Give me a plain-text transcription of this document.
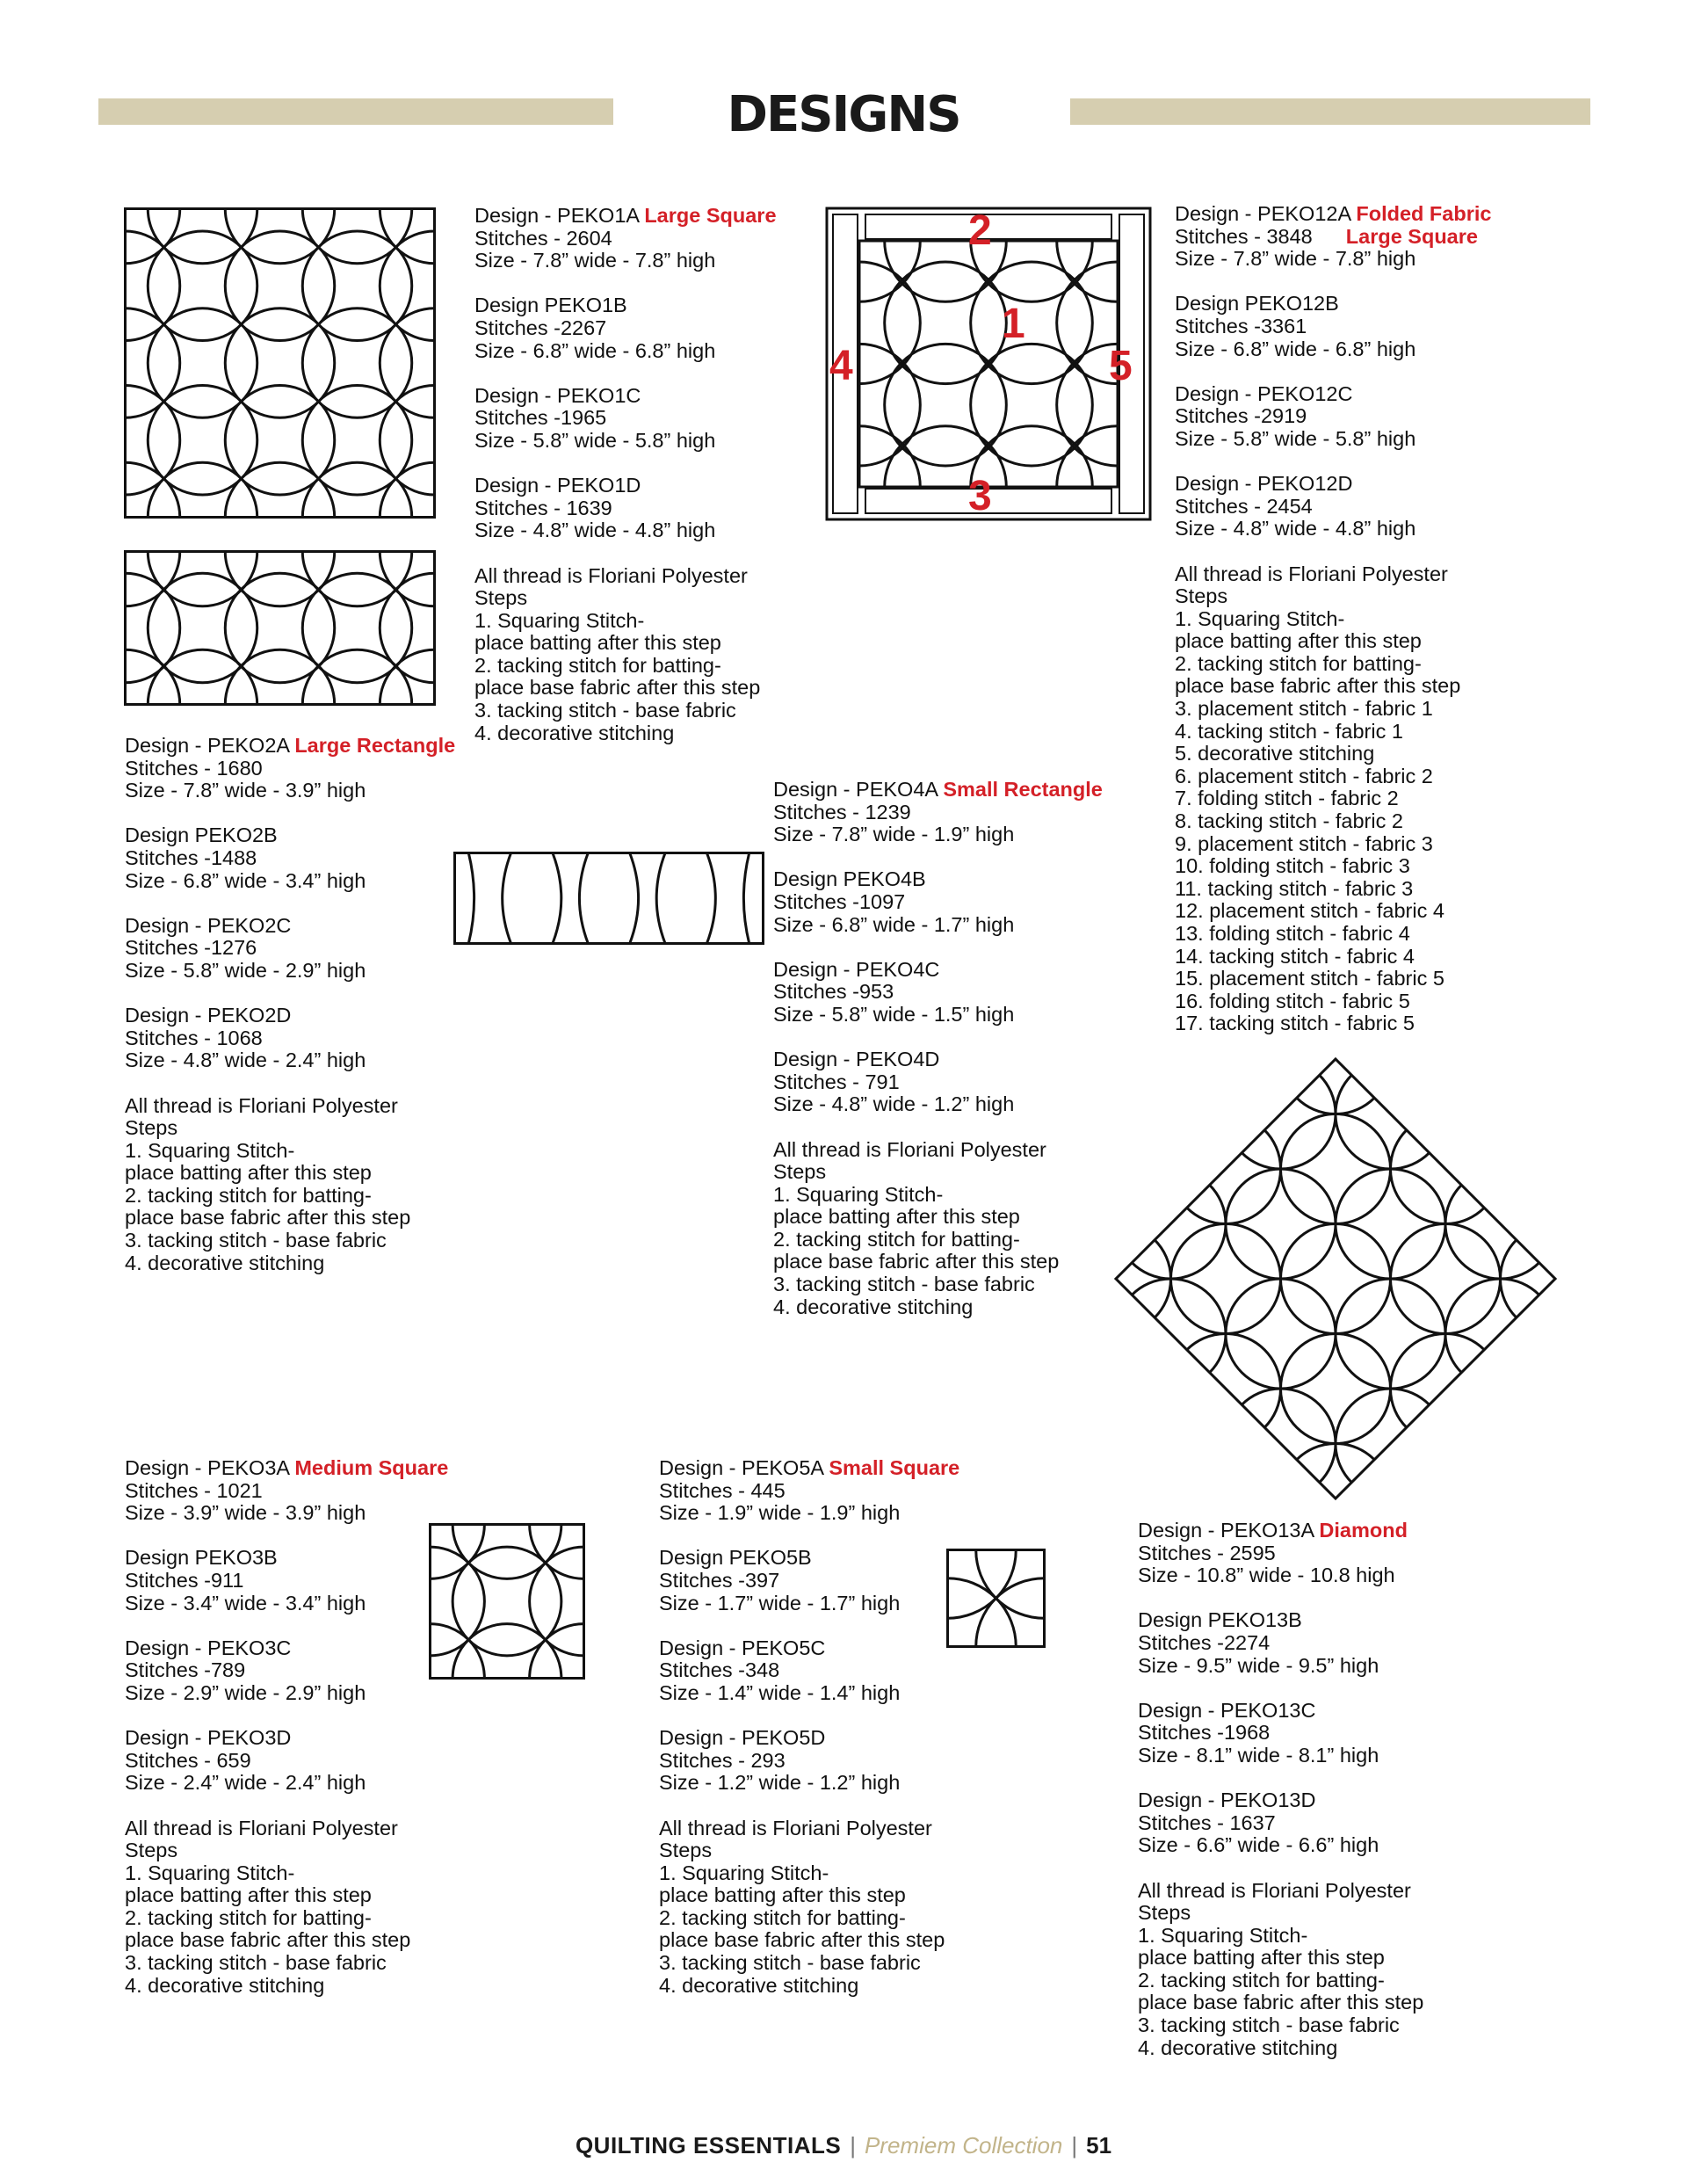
DESIGNS
1
2
3
4	5
Design - PEKO1A Large Square
Stitches - 2604
Size - 7.8” wide - 7.8” high
Design PEKO1B
Stitches -2267
Size - 6.8” wide - 6.8” high
Design - PEKO1C
Stitches -1965
Size - 5.8” wide - 5.8” high
Design - PEKO1D
Stitches - 1639
Size - 4.8” wide - 4.8” high
All thread is Floriani Polyester
Steps
1. Squaring Stitch-
place batting after this step
2. tacking stitch for batting-
place base fabric after this step
3. tacking stitch - base fabric
4. decorative stitching
Design - PEKO2A Large Rectangle
Stitches - 1680
Size - 7.8” wide - 3.9” high
Design PEKO2B
Stitches -1488
Size - 6.8” wide - 3.4” high
Design - PEKO2C
Stitches -1276
Size - 5.8” wide - 2.9” high
Design - PEKO2D
Stitches - 1068
Size - 4.8” wide - 2.4” high
All thread is Floriani Polyester
Steps
1. Squaring Stitch-
place batting after this step
2. tacking stitch for batting-
place base fabric after this step
3. tacking stitch - base fabric
4. decorative stitching
Design - PEKO4A Small Rectangle
Stitches - 1239
Size - 7.8” wide - 1.9” high
Design PEKO4B
Stitches -1097
Size - 6.8” wide - 1.7” high
Design - PEKO4C
Stitches -953
Size - 5.8” wide - 1.5” high
Design - PEKO4D
Stitches - 791
Size - 4.8” wide - 1.2” high
All thread is Floriani Polyester
Steps
1. Squaring Stitch-
place batting after this step
2. tacking stitch for batting-
place base fabric after this step
3. tacking stitch - base fabric
4. decorative stitching
Design - PEKO12A Folded Fabric
Stitches - 3848 Large Square
Size - 7.8” wide - 7.8” high
Design PEKO12B
Stitches -3361
Size - 6.8” wide - 6.8” high
Design - PEKO12C
Stitches -2919
Size - 5.8” wide - 5.8” high
Design - PEKO12D
Stitches - 2454
Size - 4.8” wide - 4.8” high
All thread is Floriani Polyester
Steps
1. Squaring Stitch-
place batting after this step
2. tacking stitch for batting-
place base fabric after this step
3. placement stitch - fabric 1
4. tacking stitch - fabric 1
5. decorative stitching
6. placement stitch - fabric 2
7. folding stitch - fabric 2
8. tacking stitch - fabric 2
9. placement stitch - fabric 3
10. folding stitch - fabric 3
11. tacking stitch - fabric 3
12. placement stitch - fabric 4
13. folding stitch - fabric 4
14. tacking stitch - fabric 4
15. placement stitch - fabric 5
16. folding stitch - fabric 5
17. tacking stitch - fabric 5
Design - PEKO3A Medium Square
Stitches - 1021
Size - 3.9” wide - 3.9” high
Design PEKO3B
Stitches -911
Size - 3.4” wide - 3.4” high
Design - PEKO3C
Stitches -789
Size - 2.9” wide - 2.9” high
Design - PEKO3D
Stitches - 659
Size - 2.4” wide - 2.4” high
All thread is Floriani Polyester
Steps
1. Squaring Stitch-
place batting after this step
2. tacking stitch for batting-
place base fabric after this step
3. tacking stitch - base fabric
4. decorative stitching
Design - PEKO5A Small Square
Stitches - 445
Size - 1.9” wide - 1.9” high
Design PEKO5B
Stitches -397
Size - 1.7” wide - 1.7” high
Design - PEKO5C
Stitches -348
Size - 1.4” wide - 1.4” high
Design - PEKO5D
Stitches - 293
Size - 1.2” wide - 1.2” high
All thread is Floriani Polyester
Steps
1. Squaring Stitch-
place batting after this step
2. tacking stitch for batting-
place base fabric after this step
3. tacking stitch - base fabric
4. decorative stitching
Design - PEKO13A Diamond
Stitches - 2595
Size - 10.8” wide - 10.8 high
Design PEKO13B
Stitches -2274
Size - 9.5” wide - 9.5” high
Design - PEKO13C
Stitches -1968
Size - 8.1” wide - 8.1” high
Design - PEKO13D
Stitches - 1637
Size - 6.6” wide - 6.6” high
All thread is Floriani Polyester
Steps
1. Squaring Stitch-
place batting after this step
2. tacking stitch for batting-
place base fabric after this step
3. tacking stitch - base fabric
4. decorative stitching
QUILTING ESSENTIALS | Premiem Collection | 51
